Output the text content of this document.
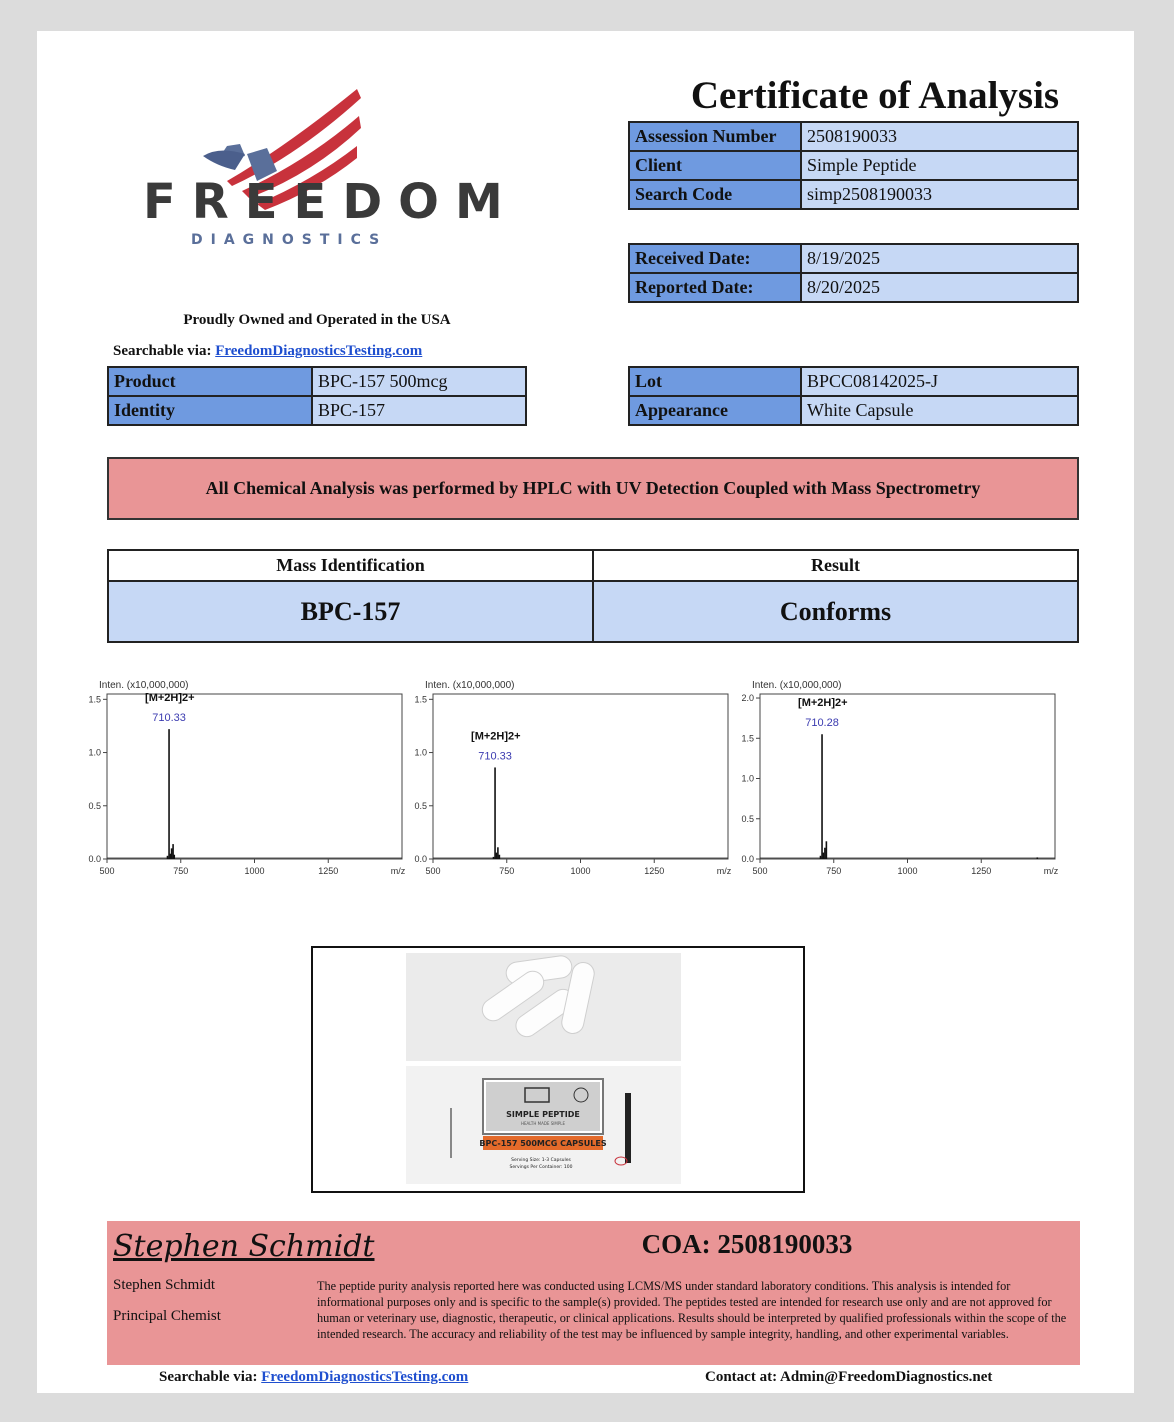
FREEDOM
DIAGNOSTICS
Proudly Owned and Operated in the USA
Searchable via: FreedomDiagnosticsTesting.com
Certificate of Analysis
Assession Number	2508190033
Client	Simple Peptide
Search Code	simp2508190033
Received Date:	8/19/2025
Reported Date:	8/20/2025
Product	BPC-157 500mcg
Identity	BPC-157
Lot	BPCC08142025-J
Appearance	White Capsule
All Chemical Analysis was performed by HPLC with UV Detection Coupled with Mass Spectrometry
Mass Identification	Result
BPC-157	Conforms
Inten. (x10,000,000)
500	750	1000	1250	m/z
0.0
0.5
1.0
1.5	[M+2H]2+
710.33
Inten. (x10,000,000)
500	750	1000	1250	m/z
0.0
0.5
1.0
1.5
[M+2H]2+
710.33
Inten. (x10,000,000)
500	750	1000	1250	m/z
0.0
0.5
1.0
1.5
2.0	[M+2H]2+
710.28
SIMPLE PEPTIDE
HEALTH MADE SIMPLE
BPC-157 500MCG CAPSULES
Serving Size: 1-3 Capsules
Servings Per Container: 100
Stephen Schmidt	COA: 2508190033
Stephen Schmidt
Principal Chemist
The peptide purity analysis reported here was conducted using LCMS/MS under standard laboratory conditions. This analysis is intended for informational purposes only and is specific to the sample(s) provided. The peptides tested are intended for research use only and are not approved for human or veterinary use, diagnostic, therapeutic, or clinical applications. Results should be interpreted by qualified professionals within the scope of the intended research. The accuracy and reliability of the test may be influenced by sample integrity, handling, and other experimental variables.
Searchable via: FreedomDiagnosticsTesting.com	Contact at: Admin@FreedomDiagnostics.net
